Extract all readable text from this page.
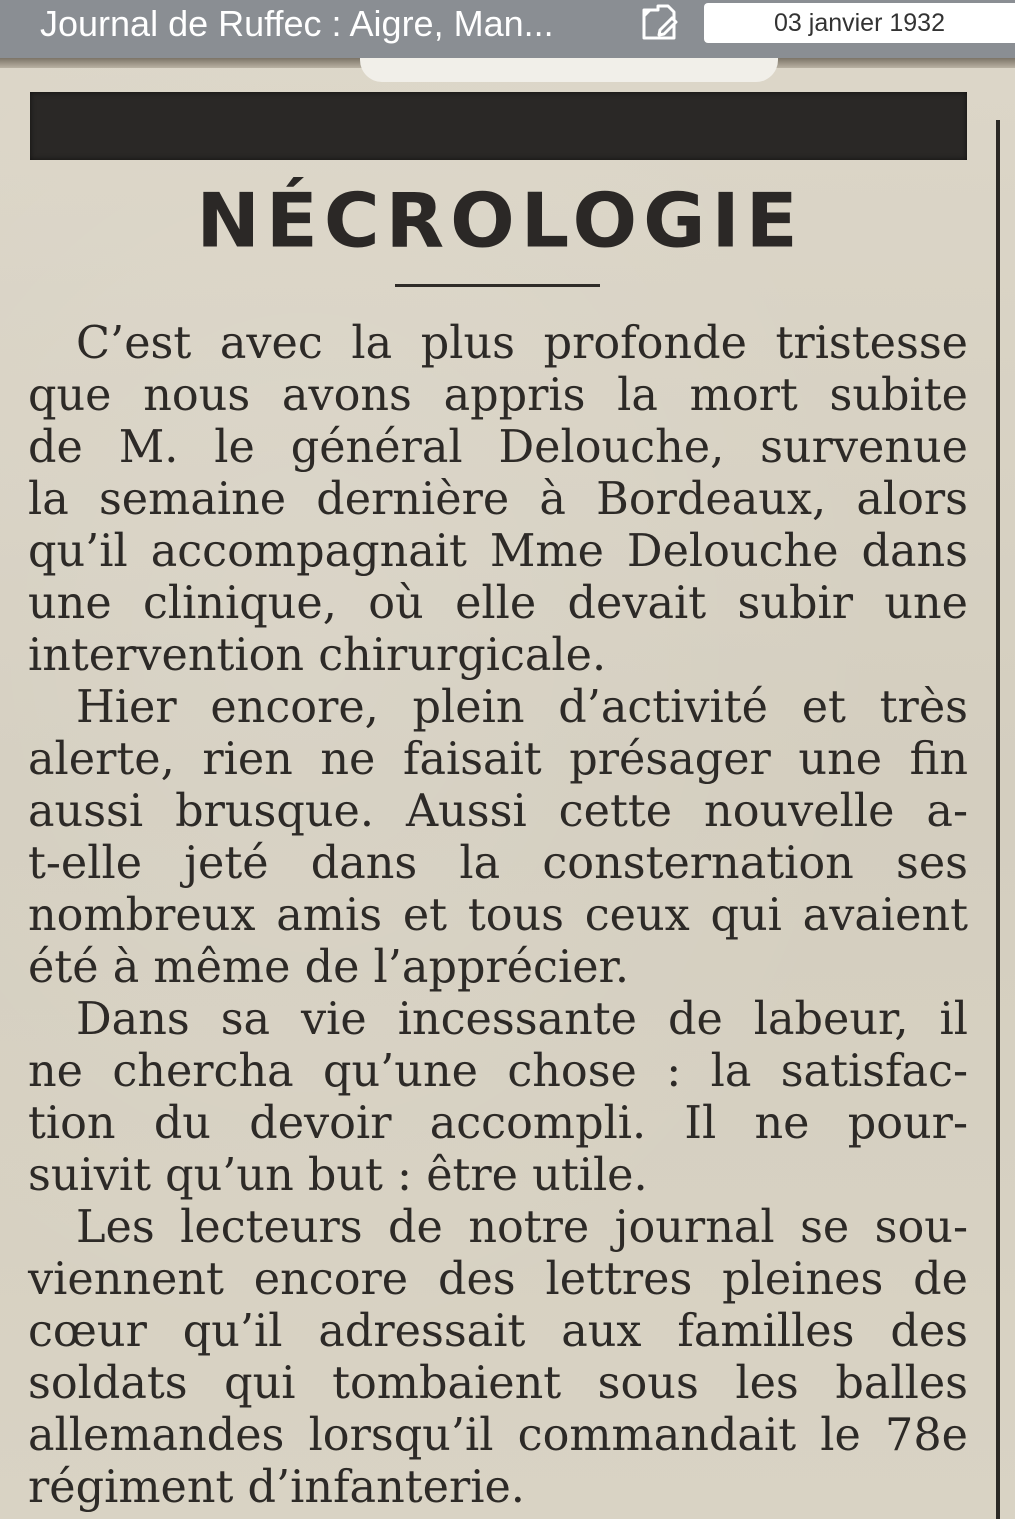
NÉCROLOGIE
C’est avec la plus profonde tristesse
que nous avons appris la mort subite
de M. le général Delouche, survenue
la semaine dernière à Bordeaux, alors
qu’il accompagnait Mme Delouche dans
une clinique, où elle devait subir une
intervention chirurgicale.
Hier encore, plein d’activité et très
alerte, rien ne faisait présager une fin
aussi brusque. Aussi cette nouvelle a-
t-elle jeté dans la consternation ses
nombreux amis et tous ceux qui avaient
été à même de l’apprécier.
Dans sa vie incessante de labeur, il
ne chercha qu’une chose : la satisfac-
tion du devoir accompli. Il ne pour-
suivit qu’un but : être utile.
Les lecteurs de notre journal se sou-
viennent encore des lettres pleines de
cœur qu’il adressait aux familles des
soldats qui tombaient sous les balles
allemandes lorsqu’il commandait le 78e
régiment d’infanterie.
Journal de Ruffec : Aigre, Man...	03 janvier 1932
